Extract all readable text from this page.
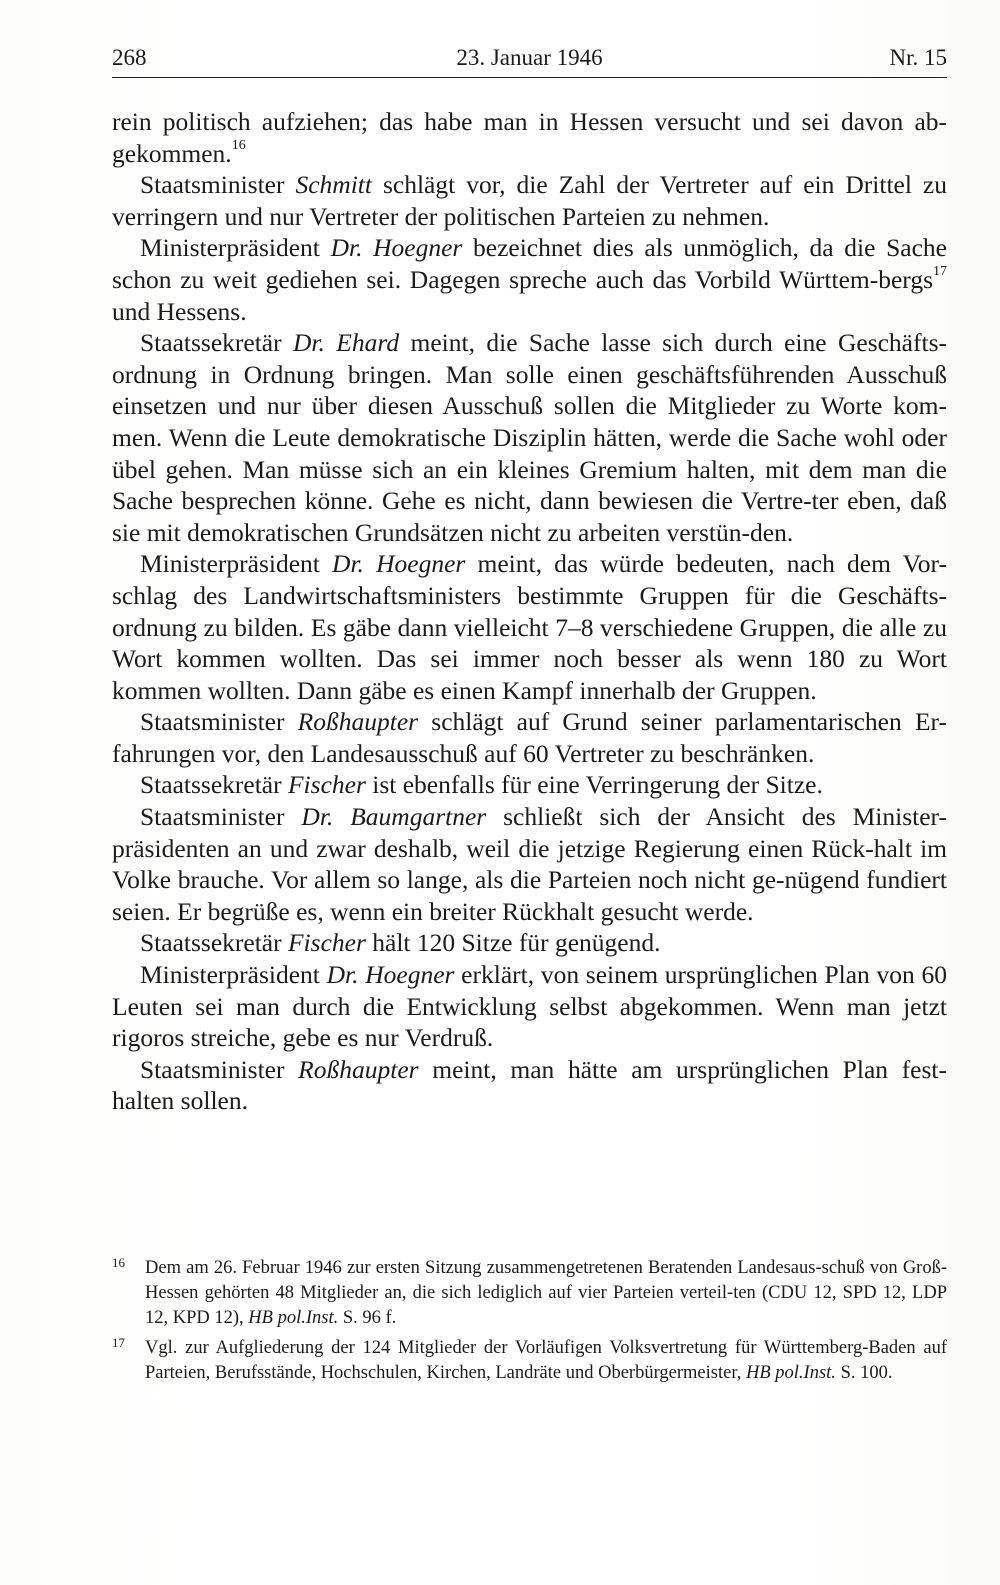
268	23. Januar 1946	Nr. 15

rein politisch aufziehen; das habe man in Hessen versucht und sei davon ab-gekommen.$^{16}$

Staatsminister Schmitt schlägt vor, die Zahl der Vertreter auf ein Drittel zu verringern und nur Vertreter der politischen Parteien zu nehmen.

Ministerpräsident Dr. Hoegner bezeichnet dies als unmöglich, da die Sache schon zu weit gediehen sei. Dagegen spreche auch das Vorbild Württem-bergs$^{17}$ und Hessens.

Staatssekretär Dr. Ehard meint, die Sache lasse sich durch eine Geschäfts-ordnung in Ordnung bringen. Man solle einen geschäftsführenden Ausschuß einsetzen und nur über diesen Ausschuß sollen die Mitglieder zu Worte kom-men. Wenn die Leute demokratische Disziplin hätten, werde die Sache wohl oder übel gehen. Man müsse sich an ein kleines Gremium halten, mit dem man die Sache besprechen könne. Gehe es nicht, dann bewiesen die Vertre-ter eben, daß sie mit demokratischen Grundsätzen nicht zu arbeiten verstün-den.

Ministerpräsident Dr. Hoegner meint, das würde bedeuten, nach dem Vor-schlag des Landwirtschaftsministers bestimmte Gruppen für die Geschäfts-ordnung zu bilden. Es gäbe dann vielleicht 7–8 verschiedene Gruppen, die alle zu Wort kommen wollten. Das sei immer noch besser als wenn 180 zu Wort kommen wollten. Dann gäbe es einen Kampf innerhalb der Gruppen.

Staatsminister Roßhaupter schlägt auf Grund seiner parlamentarischen Er-fahrungen vor, den Landesausschuß auf 60 Vertreter zu beschränken.

Staatssekretär Fischer ist ebenfalls für eine Verringerung der Sitze.

Staatsminister Dr. Baumgartner schließt sich der Ansicht des Minister-präsidenten an und zwar deshalb, weil die jetzige Regierung einen Rück-halt im Volke brauche. Vor allem so lange, als die Parteien noch nicht ge-nügend fundiert seien. Er begrüße es, wenn ein breiter Rückhalt gesucht werde.

Staatssekretär Fischer hält 120 Sitze für genügend.

Ministerpräsident Dr. Hoegner erklärt, von seinem ursprünglichen Plan von 60 Leuten sei man durch die Entwicklung selbst abgekommen. Wenn man jetzt rigoros streiche, gebe es nur Verdruß.

Staatsminister Roßhaupter meint, man hätte am ursprünglichen Plan fest-halten sollen.

16 Dem am 26. Februar 1946 zur ersten Sitzung zusammengetretenen Beratenden Landesaus-schuß von Groß-Hessen gehörten 48 Mitglieder an, die sich lediglich auf vier Parteien verteil-ten (CDU 12, SPD 12, LDP 12, KPD 12), HB pol.Inst. S. 96 f.
17 Vgl. zur Aufgliederung der 124 Mitglieder der Vorläufigen Volksvertretung für Württemberg-Baden auf Parteien, Berufsstände, Hochschulen, Kirchen, Landräte und Oberbürgermeister, HB pol.Inst. S. 100.
